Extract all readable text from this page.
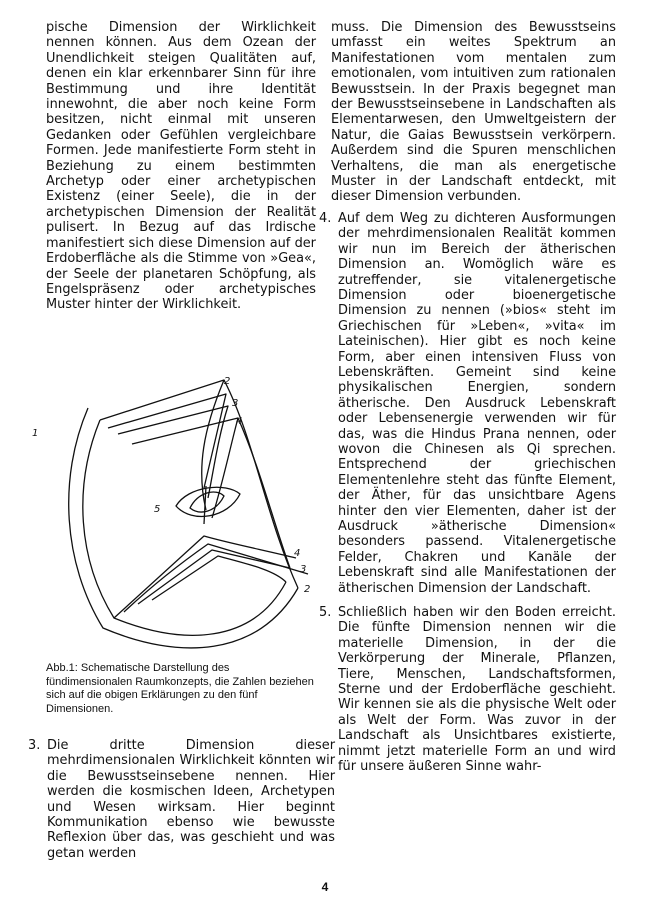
pische Dimension der Wirklichkeit nennen können. Aus dem Ozean der Unendlichkeit steigen Qualitäten auf, denen ein klar erkennbarer Sinn für ihre Bestimmung und ihre Identität innewohnt, die aber noch keine Form besitzen, nicht einmal mit unseren Gedanken oder Gefühlen vergleichbare Formen. Jede manifestierte Form steht in Beziehung zu einem bestimmten Archetyp oder einer archetypischen Existenz (einer Seele), die in der archetypischen Dimension der Realität pulisert. In Bezug auf das Irdische manifestiert sich diese Dimension auf der Erdoberfläche als die Stimme von »Gea«, der Seele der planetaren Schöpfung, als Engelspräsenz oder archetypisches Muster hinter der Wirklichkeit.

1
2
3
4
5
4
3
2
Abb.1: Schematische Darstellung des fündimensionalen Raumkonzepts, die Zahlen beziehen sich auf die obigen Erklärungen zu den fünf Dimensionen.
3. Die dritte Dimension dieser mehrdimensionalen Wirklichkeit könnten wir die Bewusstseinsebene nennen. Hier werden die kosmischen Ideen, Archetypen und Wesen wirksam. Hier beginnt Kommunikation ebenso wie bewusste Reflexion über das, was geschieht und was getan werden

muss. Die Dimension des Bewusstseins umfasst ein weites Spektrum an Manifestationen vom mentalen zum emotionalen, vom intuitiven zum rationalen Bewusstsein. In der Praxis begegnet man der Bewusstseinsebene in Landschaften als Elementarwesen, den Umweltgeistern der Natur, die Gaias Bewusstsein verkörpern. Außerdem sind die Spuren menschlichen Verhaltens, die man als energetische Muster in der Landschaft entdeckt, mit dieser Dimension verbunden.

4. Auf dem Weg zu dichteren Ausformungen der mehrdimensionalen Realität kommen wir nun im Bereich der ätherischen Dimension an. Womöglich wäre es zutreffender, sie vitalenergetische Dimension oder bioenergetische Dimension zu nennen (»bios« steht im Griechischen für »Leben«, »vita« im Lateinischen). Hier gibt es noch keine Form, aber einen intensiven Fluss von Lebenskräften. Gemeint sind keine physikalischen Energien, sondern ätherische. Den Ausdruck Lebenskraft oder Lebensenergie verwenden wir für das, was die Hindus Prana nennen, oder wovon die Chinesen als Qi sprechen. Entsprechend der griechischen Elementenlehre steht das fünfte Element, der Äther, für das unsichtbare Agens hinter den vier Elementen, daher ist der Ausdruck »ätherische Dimension« besonders passend. Vitalenergetische Felder, Chakren und Kanäle der Lebenskraft sind alle Manifestationen der ätherischen Dimension der Landschaft.
5. Schließlich haben wir den Boden erreicht. Die fünfte Dimension nennen wir die materielle Dimension, in der die Verkörperung der Minerale, Pflanzen, Tiere, Menschen, Landschaftsformen, Sterne und der Erdoberfläche geschieht. Wir kennen sie als die physische Welt oder als Welt der Form. Was zuvor in der Landschaft als Unsichtbares existierte, nimmt jetzt materielle Form an und wird für unsere äußeren Sinne wahr-
4
